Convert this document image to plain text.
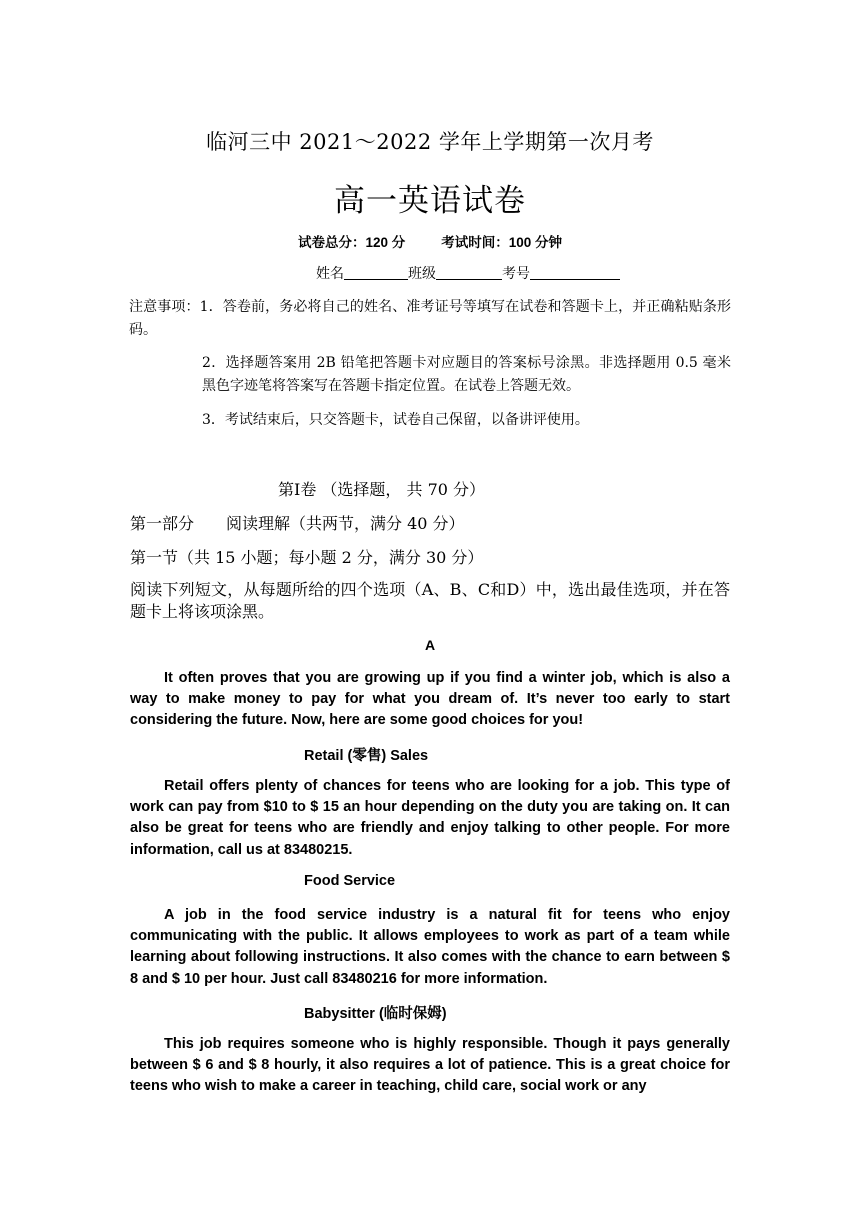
临河三中 2021～2022 学年上学期第一次月考
高一英语试卷
试卷总分：120 分	考试时间：100 分钟
姓名	班级	考号
注意事项：1．答卷前，务必将自己的姓名、准考证号等填写在试卷和答题卡上，并正确粘贴条形码。
2．选择题答案用 2B 铅笔把答题卡对应题目的答案标号涂黑。非选择题用 0.5 毫米黑色字迹笔将答案写在答题卡指定位置。在试卷上答题无效。
3．考试结束后，只交答题卡，试卷自己保留，以备讲评使用。
第Ⅰ卷 （选择题， 共 70 分）
第一部分　　阅读理解（共两节，满分 40 分）
第一节（共 15 小题；每小题 2 分，满分 30 分）
阅读下列短文，从每题所给的四个选项（A、B、C和D）中，选出最佳选项，并在答题卡上将该项涂黑。
A
It often proves that you are growing up if you find a winter job, which is also a way to make money to pay for what you dream of. It’s never too early to start considering the future. Now, here are some good choices for you!
Retail (零售) Sales
Retail offers plenty of chances for teens who are looking for a job. This type of work can pay from $10 to $ 15 an hour depending on the duty you are taking on. It can also be great for teens who are friendly and enjoy talking to other people. For more information, call us at 83480215.
Food Service
A job in the food service industry is a natural fit for teens who enjoy communicating with the public. It allows employees to work as part of a team while learning about following instructions. It also comes with the chance to earn between $ 8 and $ 10 per hour. Just call 83480216 for more information.
Babysitter (临时保姆)
This job requires someone who is highly responsible. Though it pays generally between $ 6 and $ 8 hourly, it also requires a lot of patience. This is a great choice for teens who wish to make a career in teaching, child care, social work or any
